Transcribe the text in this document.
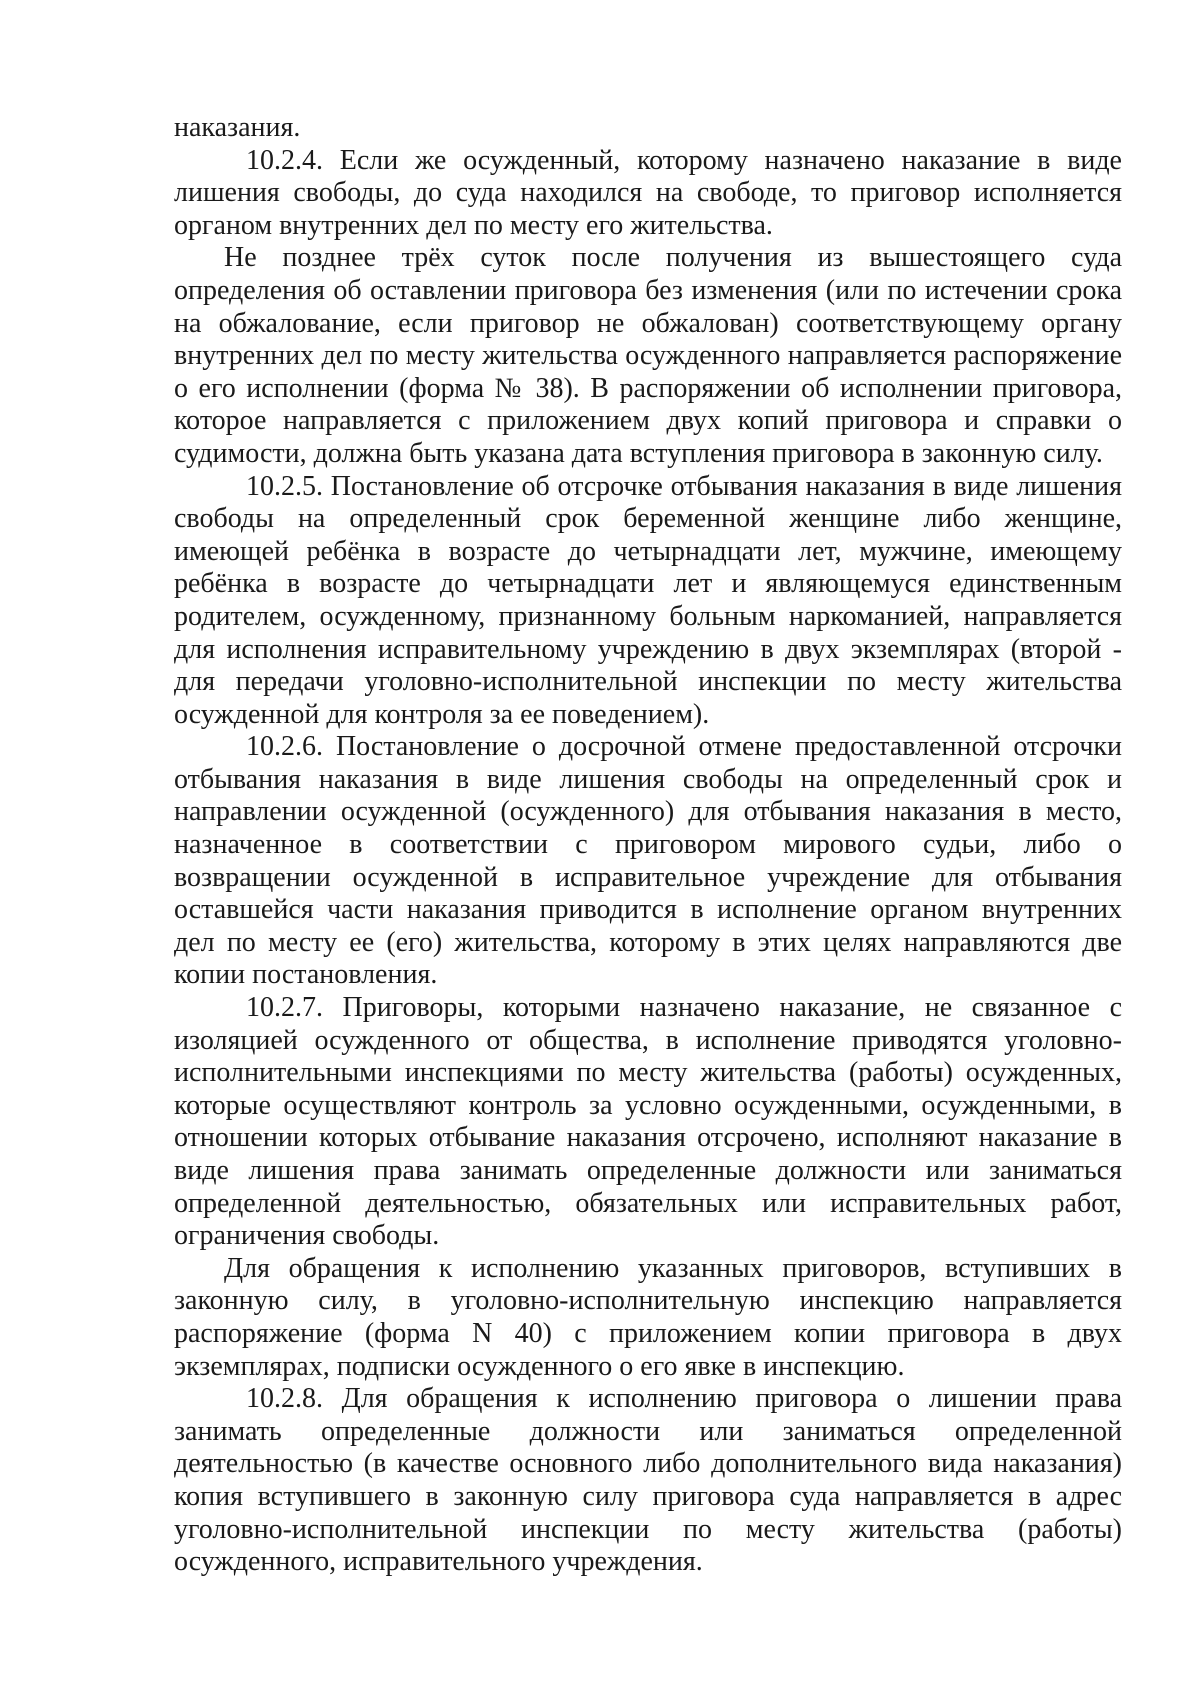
наказания.

10.2.4. Если же осужденный, которому назначено наказание в виде лишения свободы, до суда находился на свободе, то приговор исполняется органом внутренних дел по месту его жительства.

Не позднее трёх суток после получения из вышестоящего суда определения об оставлении приговора без изменения (или по истечении срока на обжалование, если приговор не обжалован) соответствующему органу внутренних дел по месту жительства осужденного направляется распоряжение о его исполнении (форма № 38). В распоряжении об исполнении приговора, которое направляется с приложением двух копий приговора и справки о судимости, должна быть указана дата вступления приговора в законную силу.

10.2.5. Постановление об отсрочке отбывания наказания в виде лишения свободы на определенный срок беременной женщине либо женщине, имеющей ребёнка в возрасте до четырнадцати лет, мужчине, имеющему ребёнка в возрасте до четырнадцати лет и являющемуся единственным родителем, осужденному, признанному больным наркоманией, направляется для исполнения исправительному учреждению в двух экземплярах (второй - для передачи уголовно-исполнительной инспекции по месту жительства осужденной для контроля за ее поведением).

10.2.6. Постановление о досрочной отмене предоставленной отсрочки отбывания наказания в виде лишения свободы на определенный срок и направлении осужденной (осужденного) для отбывания наказания в место, назначенное в соответствии с приговором мирового судьи, либо о возвращении осужденной в исправительное учреждение для отбывания оставшейся части наказания приводится в исполнение органом внутренних дел по месту ее (его) жительства, которому в этих целях направляются две копии постановления.

10.2.7. Приговоры, которыми назначено наказание, не связанное с изоляцией осужденного от общества, в исполнение приводятся уголовно-исполнительными инспекциями по месту жительства (работы) осужденных, которые осуществляют контроль за условно осужденными, осужденными, в отношении которых отбывание наказания отсрочено, исполняют наказание в виде лишения права занимать определенные должности или заниматься определенной деятельностью, обязательных или исправительных работ, ограничения свободы.

Для обращения к исполнению указанных приговоров, вступивших в законную силу, в уголовно-исполнительную инспекцию направляется распоряжение (форма N 40) с приложением копии приговора в двух экземплярах, подписки осужденного о его явке в инспекцию.

10.2.8. Для обращения к исполнению приговора о лишении права занимать определенные должности или заниматься определенной деятельностью (в качестве основного либо дополнительного вида наказания) копия вступившего в законную силу приговора суда направляется в адрес уголовно-исполнительной инспекции по месту жительства (работы) осужденного, исправительного учреждения.
